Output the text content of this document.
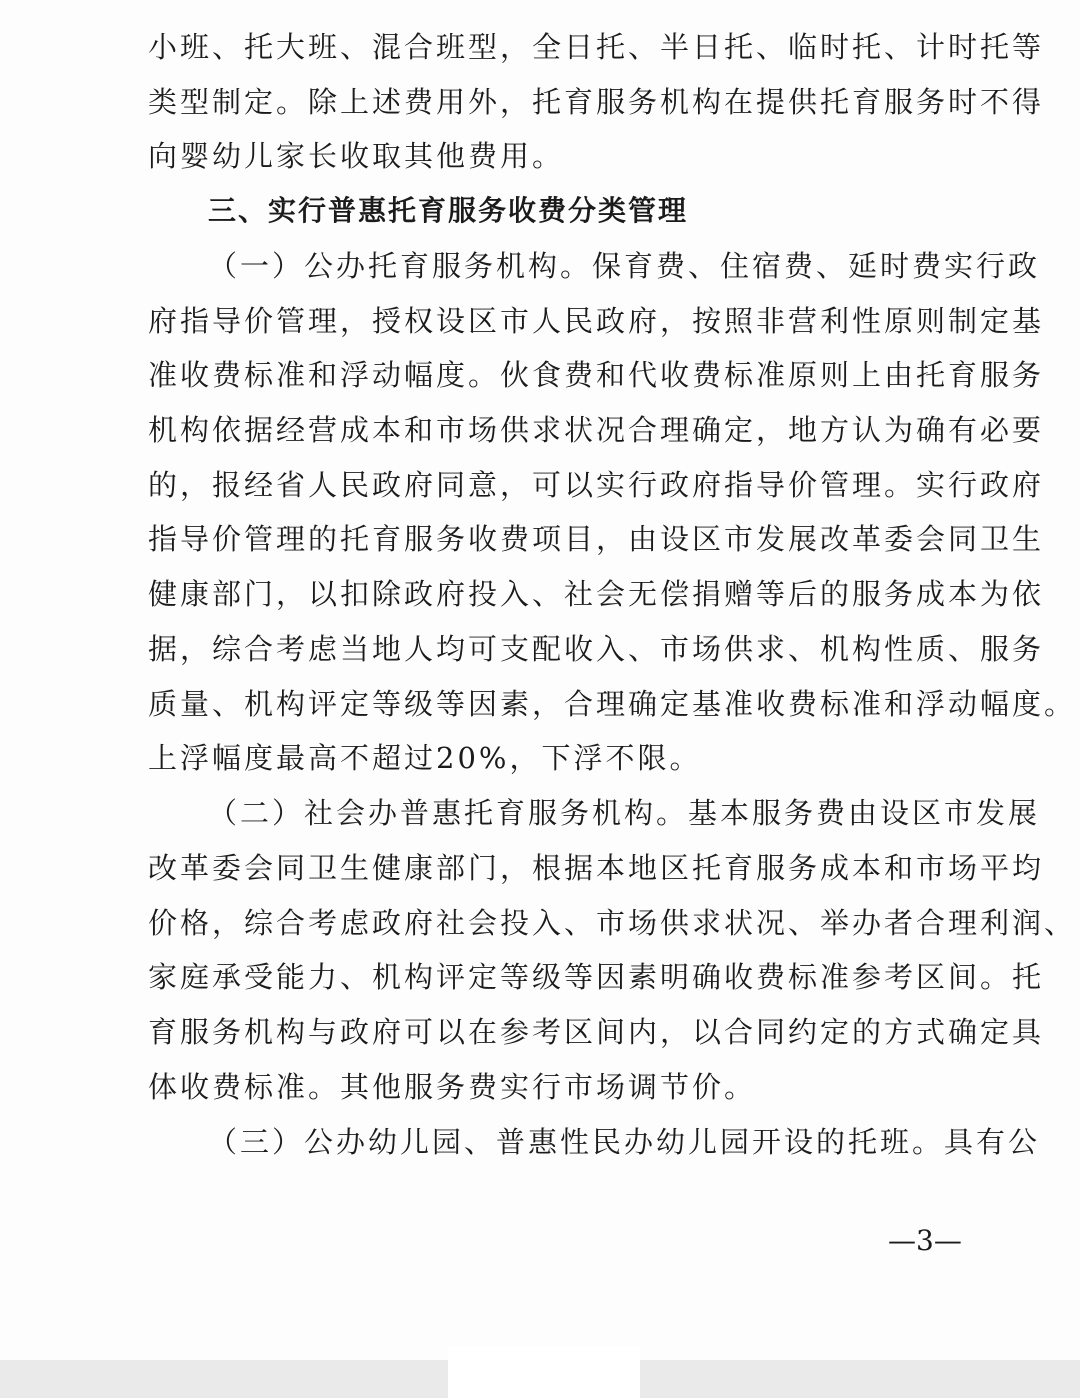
小班、托大班、混合班型，全日托、半日托、临时托、计时托等
类型制定。除上述费用外，托育服务机构在提供托育服务时不得
向婴幼儿家长收取其他费用。
三、实行普惠托育服务收费分类管理
（一）公办托育服务机构。保育费、住宿费、延时费实行政
府指导价管理，授权设区市人民政府，按照非营利性原则制定基
准收费标准和浮动幅度。伙食费和代收费标准原则上由托育服务
机构依据经营成本和市场供求状况合理确定，地方认为确有必要
的，报经省人民政府同意，可以实行政府指导价管理。实行政府
指导价管理的托育服务收费项目，由设区市发展改革委会同卫生
健康部门，以扣除政府投入、社会无偿捐赠等后的服务成本为依
据，综合考虑当地人均可支配收入、市场供求、机构性质、服务
质量、机构评定等级等因素，合理确定基准收费标准和浮动幅度。
上浮幅度最高不超过20%，下浮不限。
（二）社会办普惠托育服务机构。基本服务费由设区市发展
改革委会同卫生健康部门，根据本地区托育服务成本和市场平均
价格，综合考虑政府社会投入、市场供求状况、举办者合理利润、
家庭承受能力、机构评定等级等因素明确收费标准参考区间。托
育服务机构与政府可以在参考区间内，以合同约定的方式确定具
体收费标准。其他服务费实行市场调节价。
（三）公办幼儿园、普惠性民办幼儿园开设的托班。具有公
—3—
